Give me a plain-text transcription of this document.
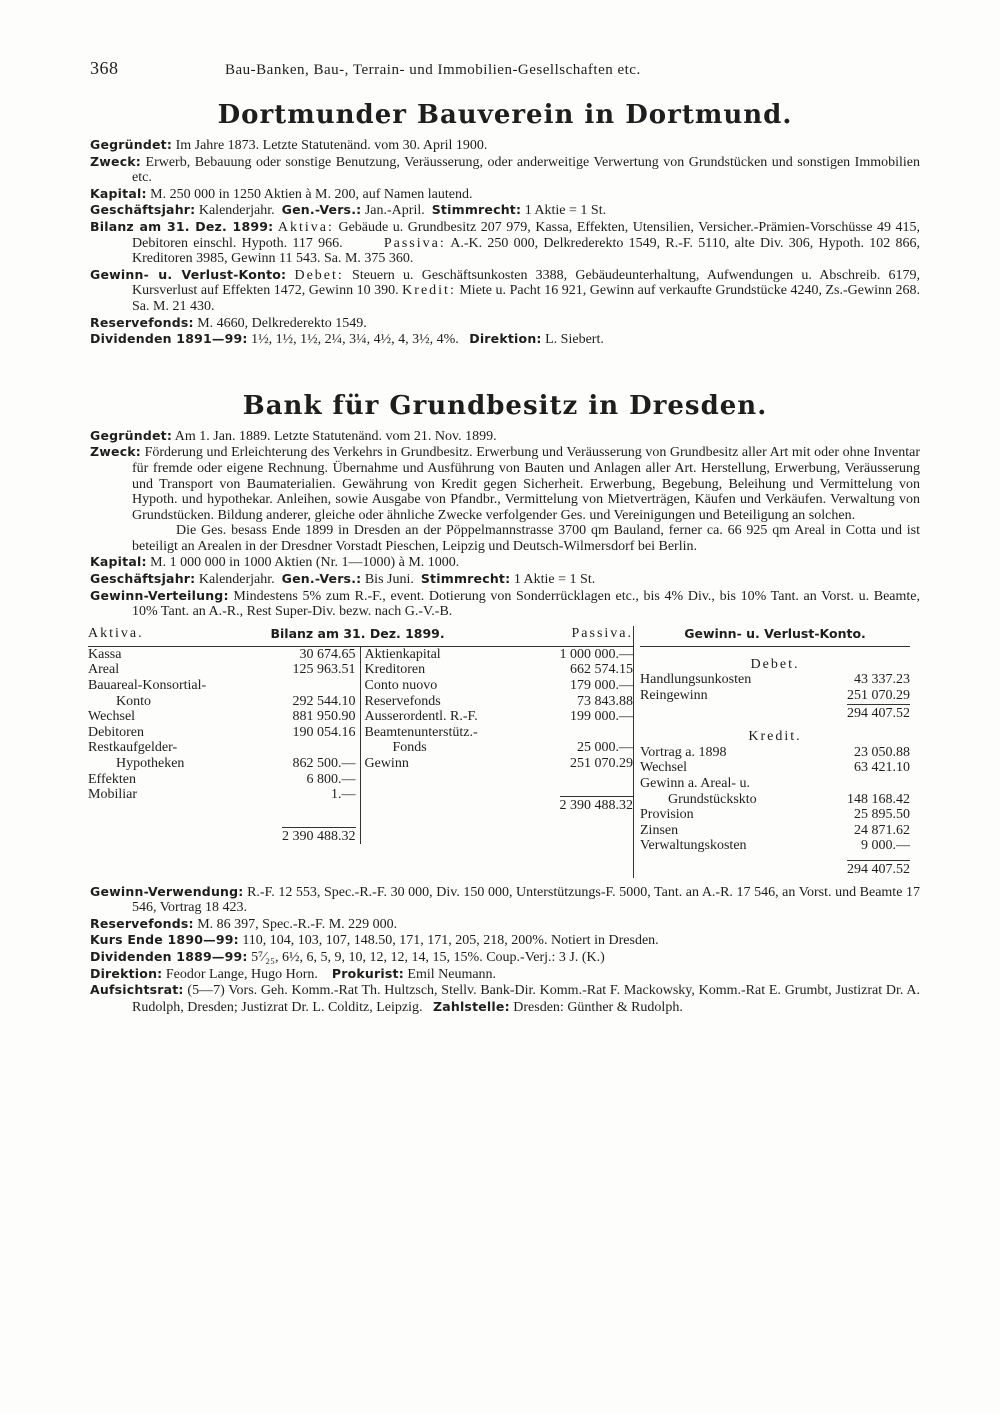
368	Bau-Banken, Bau-, Terrain- und Immobilien-Gesellschaften etc.
Dortmunder Bauverein in Dortmund.
Gegründet: Im Jahre 1873. Letzte Statutenänd. vom 30. April 1900.
Zweck: Erwerb, Bebauung oder sonstige Benutzung, Veräusserung, oder anderweitige Verwertung von Grundstücken und sonstigen Immobilien etc.
Kapital: M. 250 000 in 1250 Aktien à M. 200, auf Namen lautend.
Geschäftsjahr: Kalenderjahr. Gen.-Vers.: Jan.-April. Stimmrecht: 1 Aktie = 1 St.
Bilanz am 31. Dez. 1899: Aktiva: Gebäude u. Grundbesitz 207 979, Kassa, Effekten, Utensilien, Versicher.-Prämien-Vorschüsse 49 415, Debitoren einschl. Hypoth. 117 966.	Passiva: A.-K. 250 000, Delkrederekto 1549, R.-F. 5110, alte Div. 306, Hypoth. 102 866, Kreditoren 3985, Gewinn 11 543. Sa. M. 375 360.
Gewinn- u. Verlust-Konto: Debet: Steuern u. Geschäftsunkosten 3388, Gebäudeunterhaltung, Aufwendungen u. Abschreib. 6179, Kursverlust auf Effekten 1472, Gewinn 10 390. Kredit: Miete u. Pacht 16 921, Gewinn auf verkaufte Grundstücke 4240, Zs.-Gewinn 268. Sa. M. 21 430.
Reservefonds: M. 4660, Delkrederekto 1549.
Dividenden 1891—99: 1½, 1½, 1½, 2¼, 3¼, 4½, 4, 3½, 4%. Direktion: L. Siebert.
Bank für Grundbesitz in Dresden.
Gegründet: Am 1. Jan. 1889. Letzte Statutenänd. vom 21. Nov. 1899.
Zweck: Förderung und Erleichterung des Verkehrs in Grundbesitz. Erwerbung und Veräusserung von Grundbesitz aller Art mit oder ohne Inventar für fremde oder eigene Rechnung. Übernahme und Ausführung von Bauten und Anlagen aller Art. Herstellung, Erwerbung, Veräusserung und Transport von Baumaterialien. Gewährung von Kredit gegen Sicherheit. Erwerbung, Begebung, Beleihung und Vermittelung von Hypoth. und hypothekar. Anleihen, sowie Ausgabe von Pfandbr., Vermittelung von Mietverträgen, Käufen und Verkäufen. Verwaltung von Grundstücken. Bildung anderer, gleiche oder ähnliche Zwecke verfolgender Ges. und Vereinigungen und Beteiligung an solchen.
Die Ges. besass Ende 1899 in Dresden an der Pöppelmannstrasse 3700 qm Bauland, ferner ca. 66 925 qm Areal in Cotta und ist beteiligt an Arealen in der Dresdner Vorstadt Pieschen, Leipzig und Deutsch-Wilmersdorf bei Berlin.
Kapital: M. 1 000 000 in 1000 Aktien (Nr. 1—1000) à M. 1000.
Geschäftsjahr: Kalenderjahr. Gen.-Vers.: Bis Juni. Stimmrecht: 1 Aktie = 1 St.
Gewinn-Verteilung: Mindestens 5% zum R.-F., event. Dotierung von Sonderrücklagen etc., bis 4% Div., bis 10% Tant. an Vorst. u. Beamte, 10% Tant. an A.-R., Rest Super-Div. bezw. nach G.-V.-B.
Aktiva.	Bilanz am 31. Dez. 1899.	Passiva.
Kassa	30 674.65
Areal	125 963.51
Bauareal-Konsortial-
Konto	292 544.10
Wechsel	881 950.90
Debitoren	190 054.16
Restkaufgelder-
Hypotheken	862 500.—
Effekten	6 800.—
Mobiliar	1.—
2 390 488.32
Aktienkapital	1 000 000.—
Kreditoren	662 574.15
Conto nuovo	179 000.—
Reservefonds	73 843.88
Ausserordentl. R.-F.	199 000.—
Beamtenunterstütz.-
Fonds	25 000.—
Gewinn	251 070.29
2 390 488.32
Gewinn- u. Verlust-Konto.
Debet.
Handlungsunkosten	43 337.23
Reingewinn	251 070.29
294 407.52
Kredit.
Vortrag a. 1898	23 050.88
Wechsel	63 421.10
Gewinn a. Areal- u.
Grundstückskto	148 168.42
Provision	25 895.50
Zinsen	24 871.62
Verwaltungskosten	9 000.—
294 407.52
Gewinn-Verwendung: R.-F. 12 553, Spec.-R.-F. 30 000, Div. 150 000, Unterstützungs-F. 5000, Tant. an A.-R. 17 546, an Vorst. und Beamte 17 546, Vortrag 18 423.
Reservefonds: M. 86 397, Spec.-R.-F. M. 229 000.
Kurs Ende 1890—99: 110, 104, 103, 107, 148.50, 171, 171, 205, 218, 200%. Notiert in Dresden.
Dividenden 1889—99: 5⁷⁄₂₅, 6½, 6, 5, 9, 10, 12, 12, 14, 15, 15%. Coup.-Verj.: 3 J. (K.)
Direktion: Feodor Lange, Hugo Horn. Prokurist: Emil Neumann.
Aufsichtsrat: (5—7) Vors. Geh. Komm.-Rat Th. Hultzsch, Stellv. Bank-Dir. Komm.-Rat F. Mackowsky, Komm.-Rat E. Grumbt, Justizrat Dr. A. Rudolph, Dresden; Justizrat Dr. L. Colditz, Leipzig. Zahlstelle: Dresden: Günther & Rudolph.
